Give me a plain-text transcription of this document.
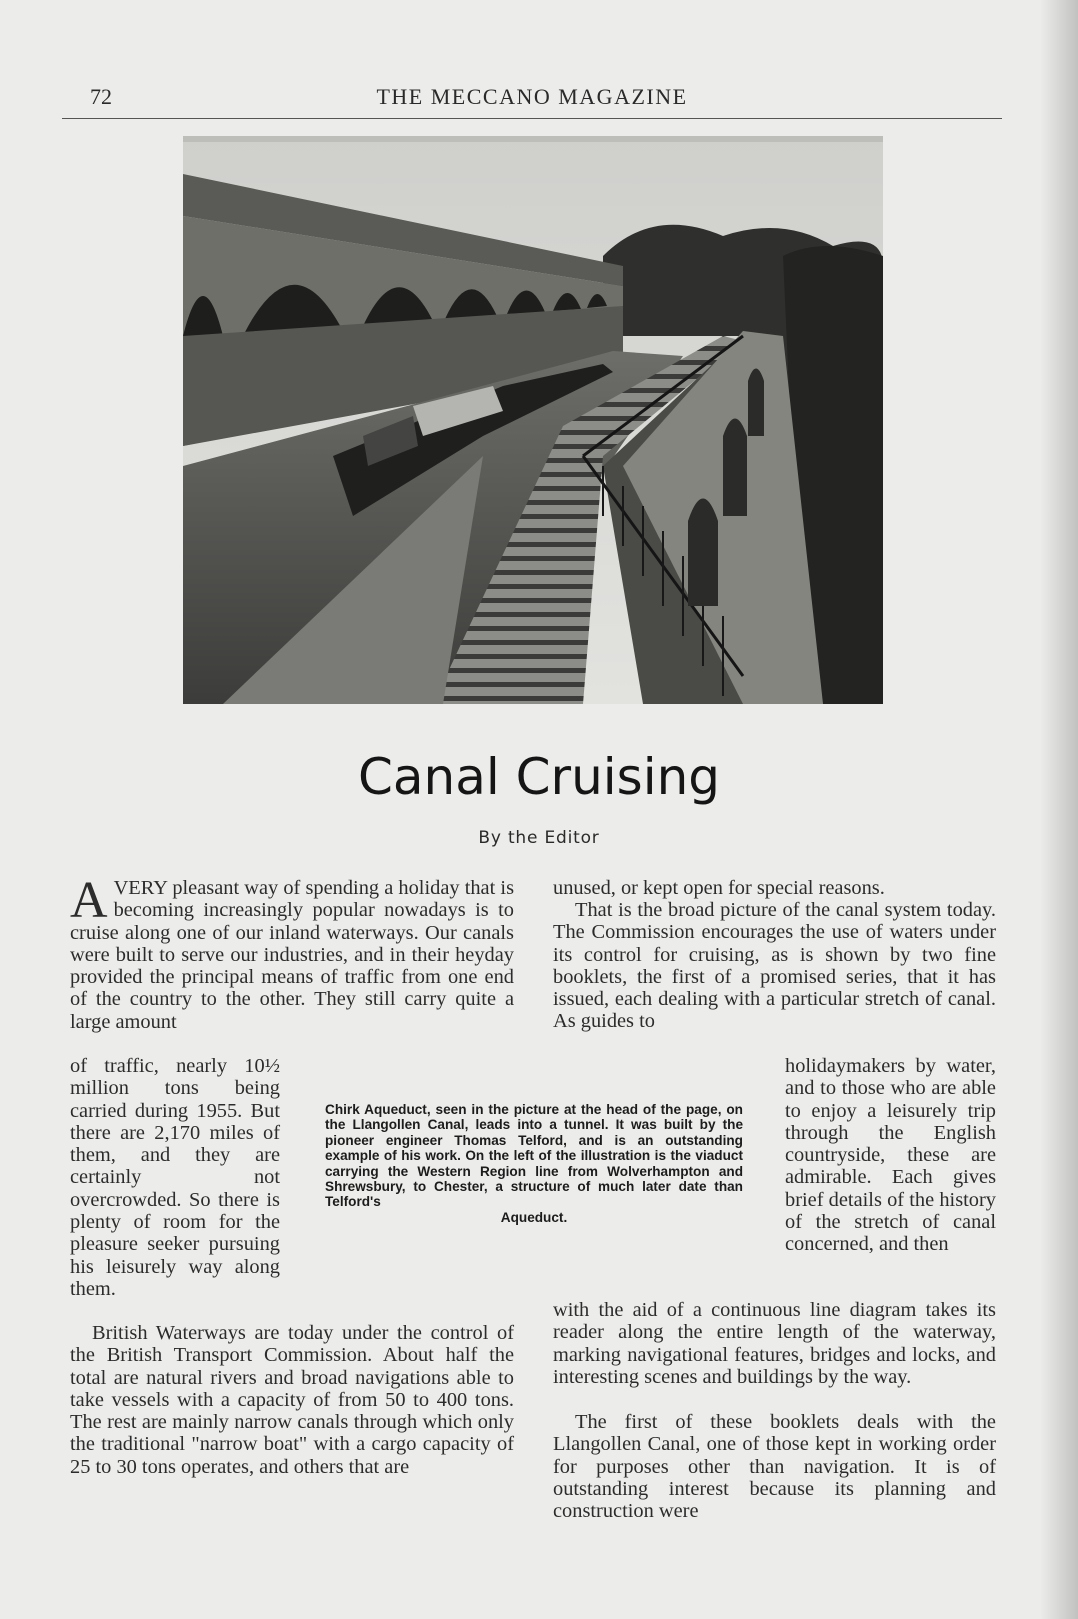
72	THE MECCANO MAGAZINE
Canal Cruising
By the Editor
AVERY pleasant way of spending a holiday that is becoming increasingly popular nowadays is to cruise along one of our inland waterways. Our canals were built to serve our industries, and in their heyday provided the principal means of traffic from one end of the country to the other. They still carry quite a large amount
of traffic, nearly 10½ million tons being carried during 1955. But there are 2,170 miles of them, and they are certainly not overcrowded. So there is plenty of room for the pleasure seeker pursuing his leisurely way along them.
British Waterways are today under the control of the British Transport Commission. About half the total are natural rivers and broad navigations able to take vessels with a capacity of from 50 to 400 tons. The rest are mainly narrow canals through which only the traditional "narrow boat" with a cargo capacity of 25 to 30 tons operates, and others that are
unused, or kept open for special reasons.
That is the broad picture of the canal system today. The Commission encourages the use of waters under its control for cruising, as is shown by two fine booklets, the first of a promised series, that it has issued, each dealing with a particular stretch of canal. As guides to
holidaymakers by water, and to those who are able to enjoy a leisurely trip through the English countryside, these are admirable. Each gives brief details of the history of the stretch of canal concerned, and then
with the aid of a continuous line diagram takes its reader along the entire length of the waterway, marking navigational features, bridges and locks, and interesting scenes and buildings by the way.
The first of these booklets deals with the Llangollen Canal, one of those kept in working order for purposes other than navigation. It is of outstanding interest because its planning and construction were
Chirk Aqueduct, seen in the picture at the head of the page, on the Llangollen Canal, leads into a tunnel. It was built by the pioneer engineer Thomas Telford, and is an outstanding example of his work. On the left of the illustration is the viaduct carrying the Western Region line from Wolverhampton and Shrewsbury, to Chester, a structure of much later date than Telford's
Aqueduct.
